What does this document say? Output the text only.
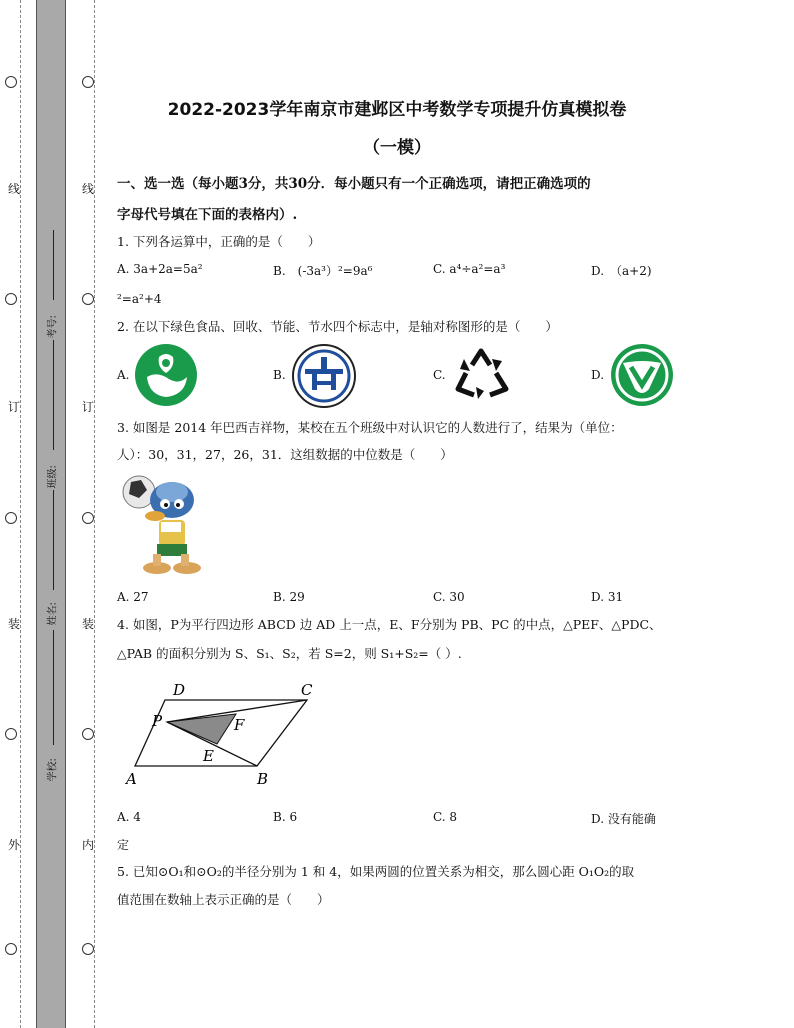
线
订
装
外
线
订
装
内
考号:
班级:
姓名:
学校:
2022-2023学年南京市建邺区中考数学专项提升仿真模拟卷
（一模）
一、选一选（每小题3分，共30分．每小题只有一个正确选项，请把正确选项的
字母代号填在下面的表格内）.
1. 下列各运算中，正确的是（　　）
A. 3a+2a=5a²	B.　(-3a³）²=9a⁶	C. a⁴÷a²=a³	D.　（a+2)
²=a²+4
2. 在以下绿色食品、回收、节能、节水四个标志中，是轴对称图形的是（　　）
A.	B.	C.	D.
3. 如图是 2014 年巴西吉祥物，某校在五个班级中对认识它的人数进行了，结果为（单位：
人）：30，31，27，26，31．这组数据的中位数是（　　）
A. 27	B. 29	C. 30	D. 31
4. 如图，P为平行四边形 ABCD 边 AD 上一点，E、F分别为 PB、PC 的中点，△PEF、△PDC、
△PAB 的面积分别为 S、S₁、S₂，若 S=2，则 S₁+S₂=（ ）.
D	C
P	F
E
A	B
A. 4	B. 6	C. 8	D. 没有能确
定
5. 已知⊙O₁和⊙O₂的半径分别为 1 和 4，如果两圆的位置关系为相交，那么圆心距 O₁O₂的取
值范围在数轴上表示正确的是（　　）
